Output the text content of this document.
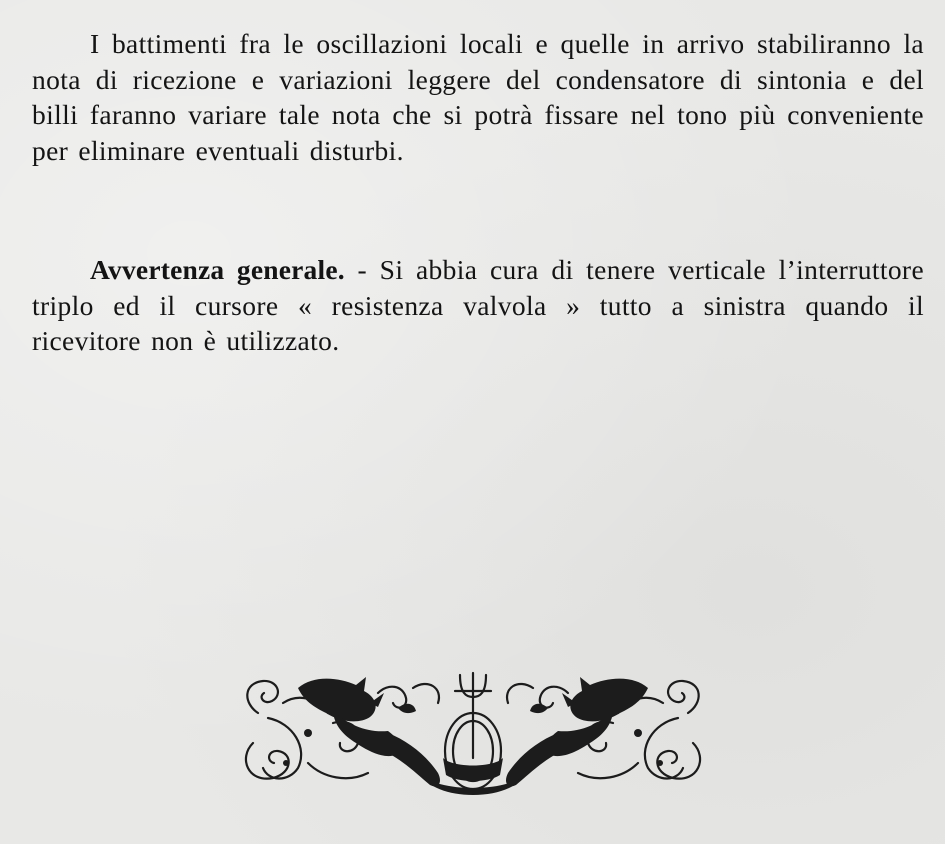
I battimenti fra le oscillazioni locali e quelle in arrivo stabiliranno la nota di ricezione e variazioni leggere del condensatore di sintonia e del billi faranno variare tale nota che si potrà fissare nel tono più conveniente per eliminare eventuali disturbi.

Avvertenza generale. - Si abbia cura di tenere verticale l’interruttore triplo ed il cursore « resistenza valvola » tutto a sinistra quando il ricevitore non è utilizzato.
